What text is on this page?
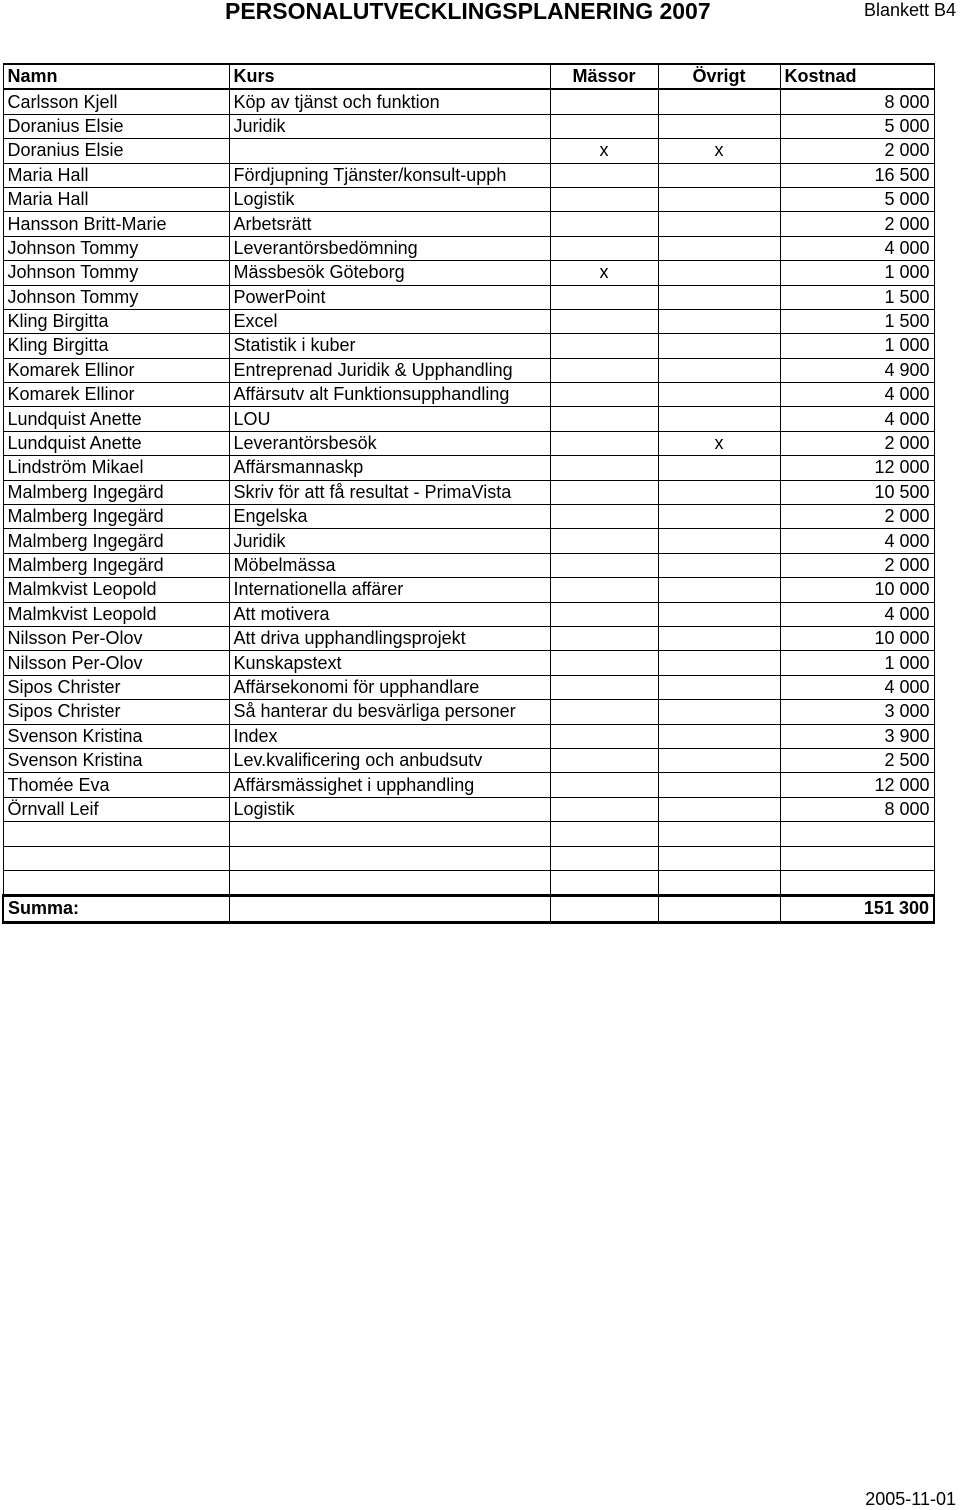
PERSONALUTVECKLINGSPLANERING 2007	Blankett B4
Namn	Kurs	Mässor	Övrigt	Kostnad
Carlsson Kjell	Köp av tjänst och funktion			8 000
Doranius Elsie	Juridik			5 000
Doranius Elsie		x	x	2 000
Maria Hall	Fördjupning Tjänster/konsult-upph			16 500
Maria Hall	Logistik			5 000
Hansson Britt-Marie	Arbetsrätt			2 000
Johnson Tommy	Leverantörsbedömning			4 000
Johnson Tommy	Mässbesök Göteborg	x		1 000
Johnson Tommy	PowerPoint			1 500
Kling Birgitta	Excel			1 500
Kling Birgitta	Statistik i kuber			1 000
Komarek Ellinor	Entreprenad Juridik & Upphandling			4 900
Komarek Ellinor	Affärsutv alt Funktionsupphandling			4 000
Lundquist Anette	LOU			4 000
Lundquist Anette	Leverantörsbesök		x	2 000
Lindström Mikael	Affärsmannaskp			12 000
Malmberg Ingegärd	Skriv för att få resultat - PrimaVista			10 500
Malmberg Ingegärd	Engelska			2 000
Malmberg Ingegärd	Juridik			4 000
Malmberg Ingegärd	Möbelmässa			2 000
Malmkvist Leopold	Internationella affärer			10 000
Malmkvist Leopold	Att motivera			4 000
Nilsson Per-Olov	Att driva upphandlingsprojekt			10 000
Nilsson Per-Olov	Kunskapstext			1 000
Sipos Christer	Affärsekonomi för upphandlare			4 000
Sipos Christer	Så hanterar du besvärliga personer			3 000
Svenson Kristina	Index			3 900
Svenson Kristina	Lev.kvalificering och anbudsutv			2 500
Thomée Eva	Affärsmässighet i upphandling			12 000
Örnvall Leif	Logistik			8 000

Summa:				151 300
2005-11-01
